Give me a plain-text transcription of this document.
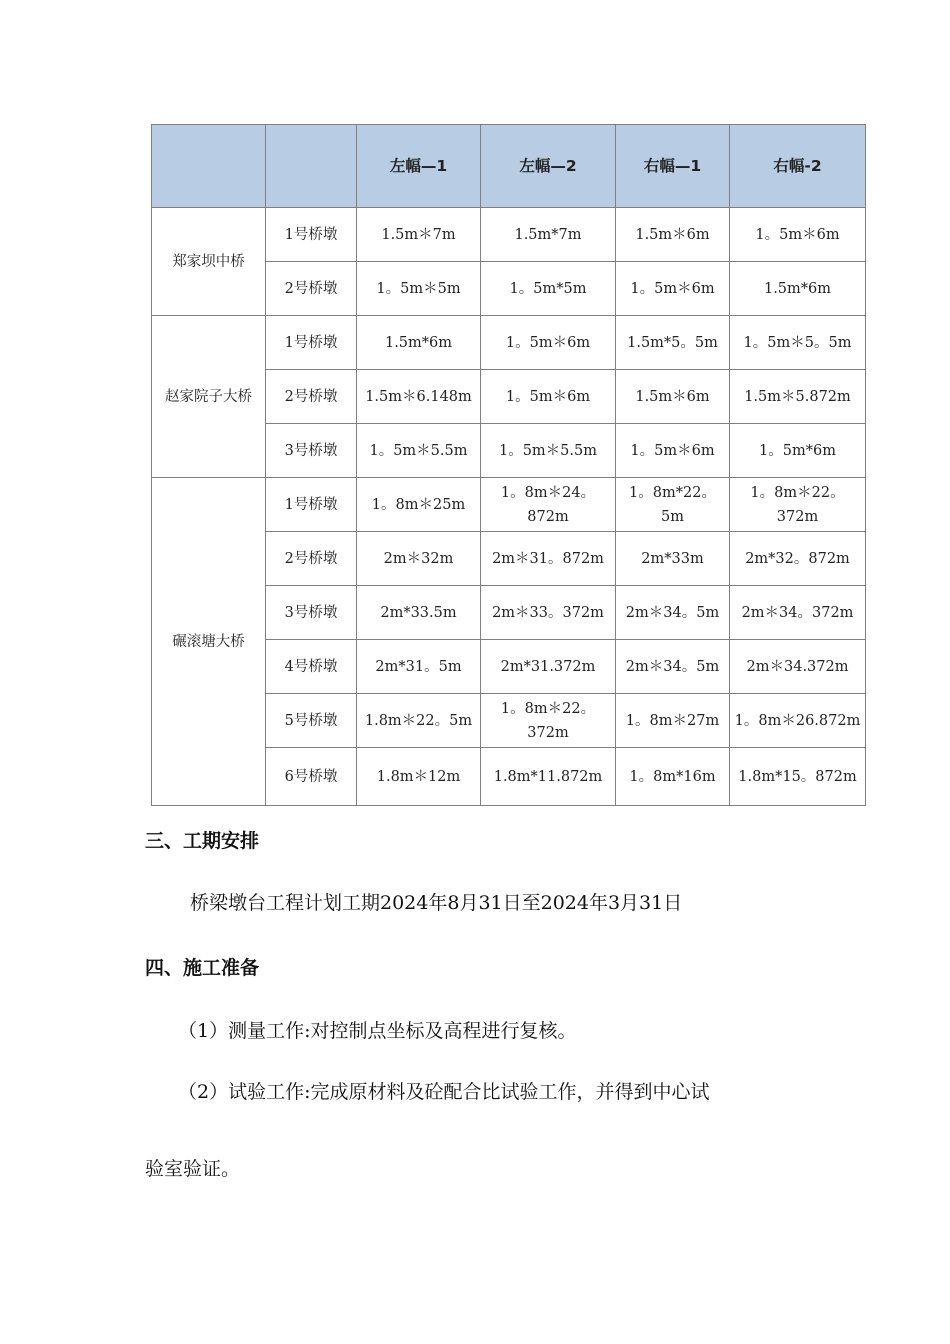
		左幅—1	左幅—2	右幅—1	右幅-2
郑家坝中桥	1号桥墩	1.5m＊7m	1.5m*7m	1.5m＊6m	1。5m＊6m
	2号桥墩	1。5m＊5m	1。5m*5m	1。5m＊6m	1.5m*6m
赵家院子大桥	1号桥墩	1.5m*6m	1。5m＊6m	1.5m*5。5m	1。5m＊5。5m
	2号桥墩	1.5m＊6.148m	1。5m＊6m	1.5m＊6m	1.5m＊5.872m
	3号桥墩	1。5m＊5.5m	1。5m＊5.5m	1。5m＊6m	1。5m*6m
碾滚塘大桥	1号桥墩	1。8m＊25m	1。8m＊24。872m	1。8m*22。5m	1。8m＊22。372m
	2号桥墩	2m＊32m	2m＊31。872m	2m*33m	2m*32。872m
	3号桥墩	2m*33.5m	2m＊33。372m	2m＊34。5m	2m＊34。372m
	4号桥墩	2m*31。5m	2m*31.372m	2m＊34。5m	2m＊34.372m
	5号桥墩	1.8m＊22。5m	1。8m＊22。372m	1。8m＊27m	1。8m＊26.872m
	6号桥墩	1.8m＊12m	1.8m*11.872m	1。8m*16m	1.8m*15。872m
三、工期安排
桥梁墩台工程计划工期2024年8月31日至2024年3月31日
四、施工准备
（1）测量工作:对控制点坐标及高程进行复核。
（2）试验工作:完成原材料及砼配合比试验工作，并得到中心试
验室验证。
